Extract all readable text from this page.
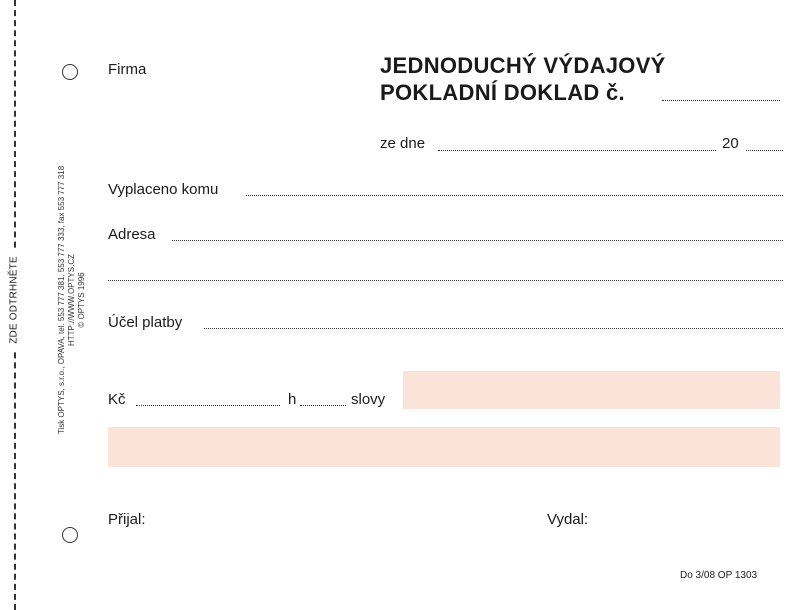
ZDE ODTRHNĚTE	Tisk OPTYS, s.r.o., OPAVA, tel. 553 777 381, 553 777 333, fax 553 777 318 HTTP://WWW.OPTYS.CZ © OPTYS 1996
Firma	JEDNODUCHÝ VÝDAJOVÝ
POKLADNÍ DOKLAD č.
ze dne	20
Vyplaceno komu
Adresa
Účel platby
Kč	h	slovy
Přijal:	Vydal:
Do 3/08 OP 1303
